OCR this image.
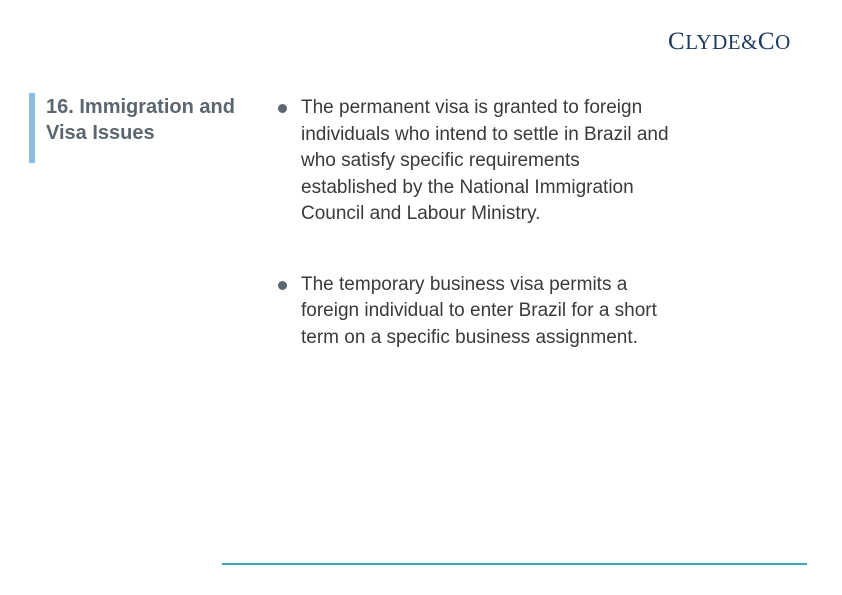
CLYDE&CO
16. Immigration and Visa Issues
The permanent visa is granted to foreign individuals who intend to settle in Brazil and who satisfy specific requirements established by the National Immigration Council and Labour Ministry.
The temporary business visa permits a foreign individual to enter Brazil for a short term on a specific business assignment.
